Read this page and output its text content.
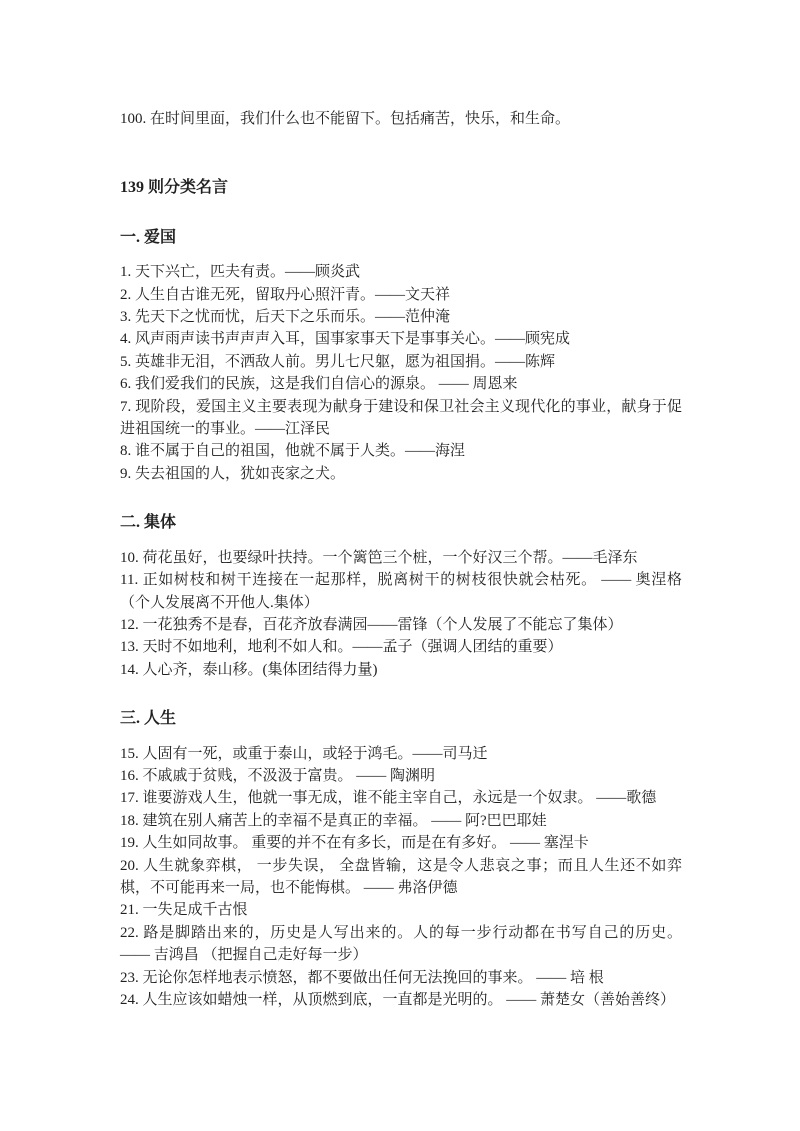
100. 在时间里面，我们什么也不能留下。包括痛苦，快乐，和生命。

139 则分类名言
一. 爱国

1. 天下兴亡，匹夫有责。——顾炎武

2. 人生自古谁无死，留取丹心照汗青。——文天祥

3. 先天下之忧而忧，后天下之乐而乐。——范仲淹

4. 风声雨声读书声声声入耳，国事家事天下是事事关心。——顾宪成

5. 英雄非无泪，不洒敌人前。男儿七尺躯，愿为祖国捐。——陈辉

6. 我们爱我们的民族，这是我们自信心的源泉。 —— 周恩来

7. 现阶段，爱国主义主要表现为献身于建设和保卫社会主义现代化的事业，献身于促进祖国统一的事业。——江泽民

8. 谁不属于自己的祖国，他就不属于人类。——海涅

9. 失去祖国的人，犹如丧家之犬。

二. 集体

10. 荷花虽好，也要绿叶扶持。一个篱笆三个桩，一个好汉三个帮。——毛泽东

11. 正如树枝和树干连接在一起那样，脱离树干的树枝很快就会枯死。 —— 奥涅格 （个人发展离不开他人.集体）

12. 一花独秀不是春，百花齐放春满园——雷锋（个人发展了不能忘了集体）

13. 天时不如地利，地利不如人和。——孟子（强调人团结的重要）

14. 人心齐，泰山移。(集体团结得力量)

三. 人生

15. 人固有一死，或重于泰山，或轻于鸿毛。——司马迁

16. 不戚戚于贫贱，不汲汲于富贵。 —— 陶渊明

17. 谁要游戏人生，他就一事无成，谁不能主宰自己，永远是一个奴隶。 ——歌德

18. 建筑在别人痛苦上的幸福不是真正的幸福。 —— 阿?巴巴耶娃

19. 人生如同故事。 重要的并不在有多长，而是在有多好。 —— 塞涅卡

20. 人生就象弈棋， 一步失误， 全盘皆输，这是令人悲哀之事；而且人生还不如弈棋，不可能再来一局，也不能悔棋。 —— 弗洛伊德

21. 一失足成千古恨

22. 路是脚踏出来的，历史是人写出来的。人的每一步行动都在书写自己的历史。 —— 吉鸿昌 （把握自己走好每一步）

23. 无论你怎样地表示愤怒，都不要做出任何无法挽回的事来。 —— 培 根

24. 人生应该如蜡烛一样，从顶燃到底，一直都是光明的。 —— 萧楚女（善始善终）
